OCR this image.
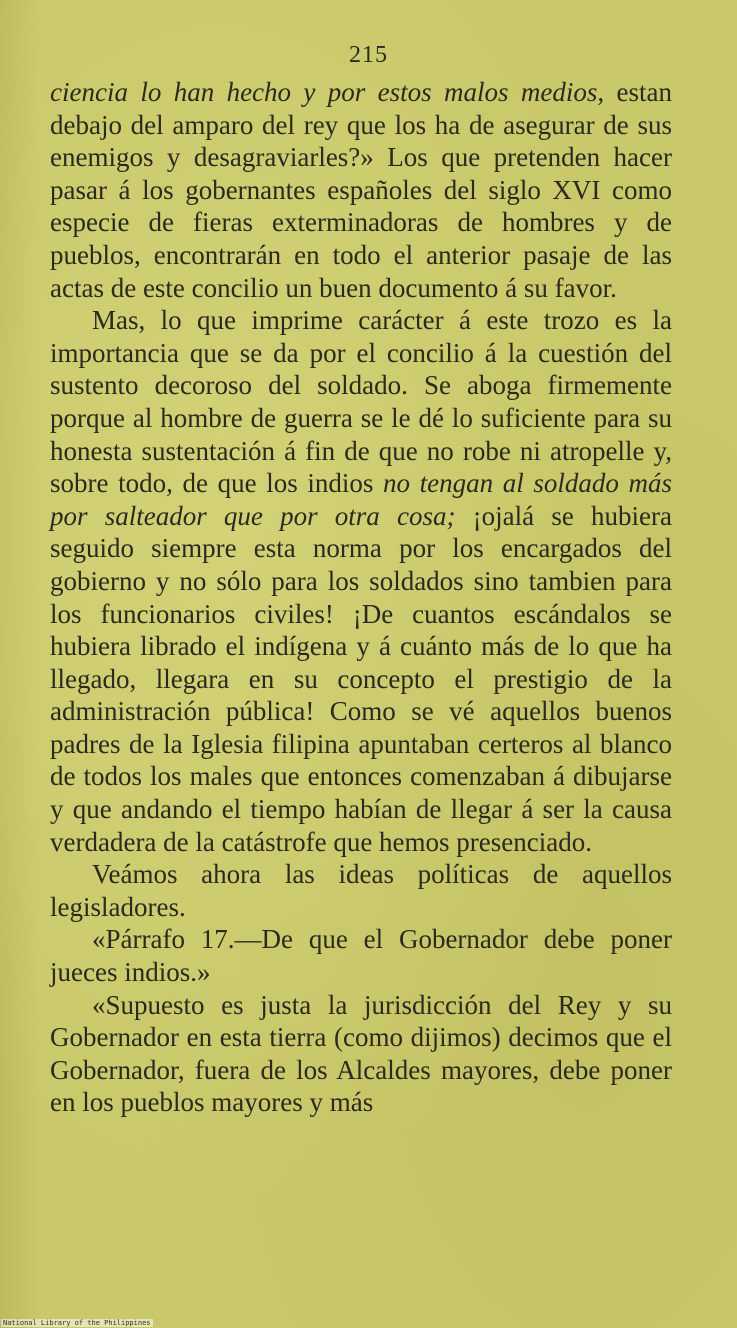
215

ciencia lo han hecho y por estos malos medios, estan debajo del amparo del rey que los ha de asegurar de sus enemigos y desagraviarles?» Los que pretenden hacer pasar á los gobernantes españoles del siglo XVI como especie de fieras exterminadoras de hombres y de pueblos, encontrarán en todo el anterior pasaje de las actas de este concilio un buen documento á su favor.

Mas, lo que imprime carácter á este trozo es la importancia que se da por el concilio á la cuestión del sustento decoroso del soldado. Se aboga firmemente porque al hombre de guerra se le dé lo suficiente para su honesta sustentación á fin de que no robe ni atropelle y, sobre todo, de que los indios no tengan al soldado más por salteador que por otra cosa; ¡ojalá se hubiera seguido siempre esta norma por los encargados del gobierno y no sólo para los soldados sino tambien para los funcionarios civiles! ¡De cuantos escándalos se hubiera librado el indígena y á cuánto más de lo que ha llegado, llegara en su concepto el prestigio de la administración pública! Como se vé aquellos buenos padres de la Iglesia filipina apuntaban certeros al blanco de todos los males que entonces comenzaban á dibujarse y que andando el tiempo habían de llegar á ser la causa verdadera de la catástrofe que hemos presenciado.

Veámos ahora las ideas políticas de aquellos legisladores.

«Párrafo 17.—De que el Gobernador debe poner jueces indios.»

«Supuesto es justa la jurisdicción del Rey y su Gobernador en esta tierra (como dijimos) decimos que el Gobernador, fuera de los Alcaldes mayores, debe poner en los pueblos mayores y más

National Library of the Philippines
